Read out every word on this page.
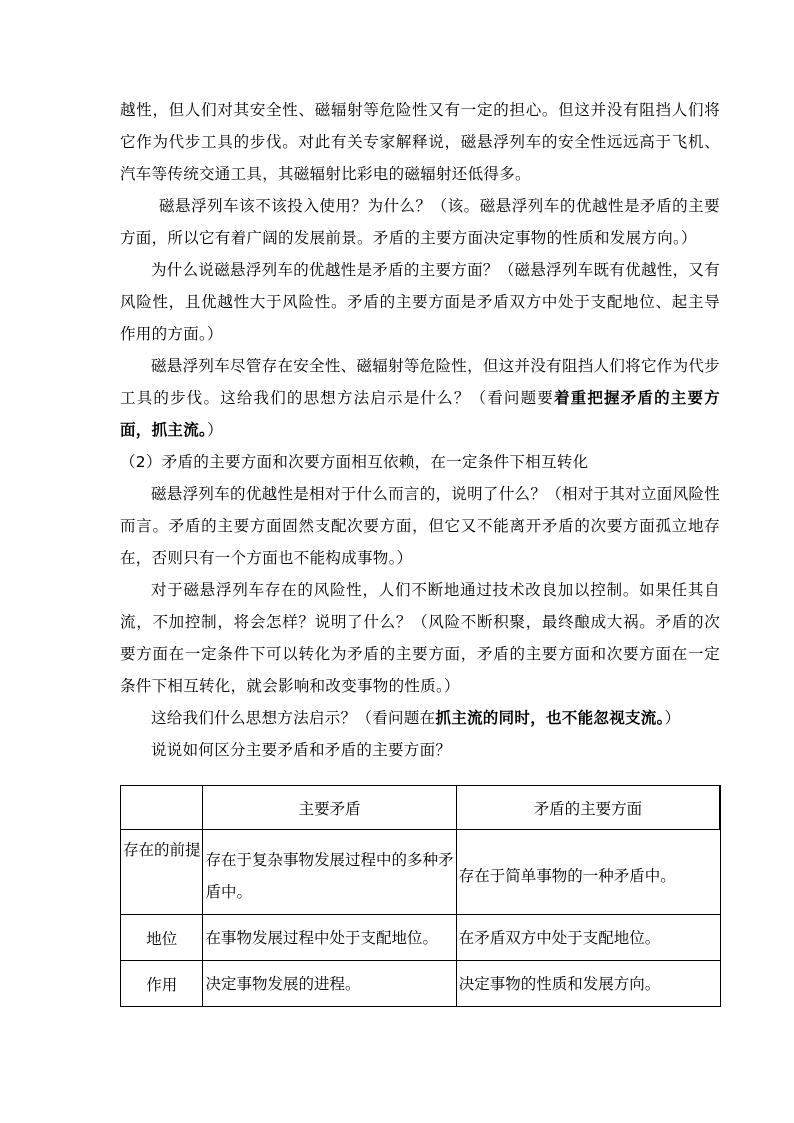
越性，但人们对其安全性、磁辐射等危险性又有一定的担心。但这并没有阻挡人们将它作为代步工具的步伐。对此有关专家解释说，磁悬浮列车的安全性远远高于飞机、汽车等传统交通工具，其磁辐射比彩电的磁辐射还低得多。

磁悬浮列车该不该投入使用？为什么？（该。磁悬浮列车的优越性是矛盾的主要方面，所以它有着广阔的发展前景。矛盾的主要方面决定事物的性质和发展方向。）

为什么说磁悬浮列车的优越性是矛盾的主要方面？（磁悬浮列车既有优越性，又有风险性，且优越性大于风险性。矛盾的主要方面是矛盾双方中处于支配地位、起主导作用的方面。）

磁悬浮列车尽管存在安全性、磁辐射等危险性，但这并没有阻挡人们将它作为代步工具的步伐。这给我们的思想方法启示是什么？（看问题要着重把握矛盾的主要方面，抓主流。）

（2）矛盾的主要方面和次要方面相互依赖，在一定条件下相互转化

磁悬浮列车的优越性是相对于什么而言的，说明了什么？（相对于其对立面风险性而言。矛盾的主要方面固然支配次要方面，但它又不能离开矛盾的次要方面孤立地存在，否则只有一个方面也不能构成事物。）

对于磁悬浮列车存在的风险性，人们不断地通过技术改良加以控制。如果任其自流，不加控制，将会怎样？说明了什么？（风险不断积聚，最终酿成大祸。矛盾的次要方面在一定条件下可以转化为矛盾的主要方面，矛盾的主要方面和次要方面在一定条件下相互转化，就会影响和改变事物的性质。）

这给我们什么思想方法启示？（看问题在抓主流的同时，也不能忽视支流。）

说说如何区分主要矛盾和矛盾的主要方面？

	主要矛盾	矛盾的主要方面
存在的前提	存在于复杂事物发展过程中的多种矛盾中。	存在于简单事物的一种矛盾中。
地位	在事物发展过程中处于支配地位。	在矛盾双方中处于支配地位。
作用	决定事物发展的进程。	决定事物的性质和发展方向。
